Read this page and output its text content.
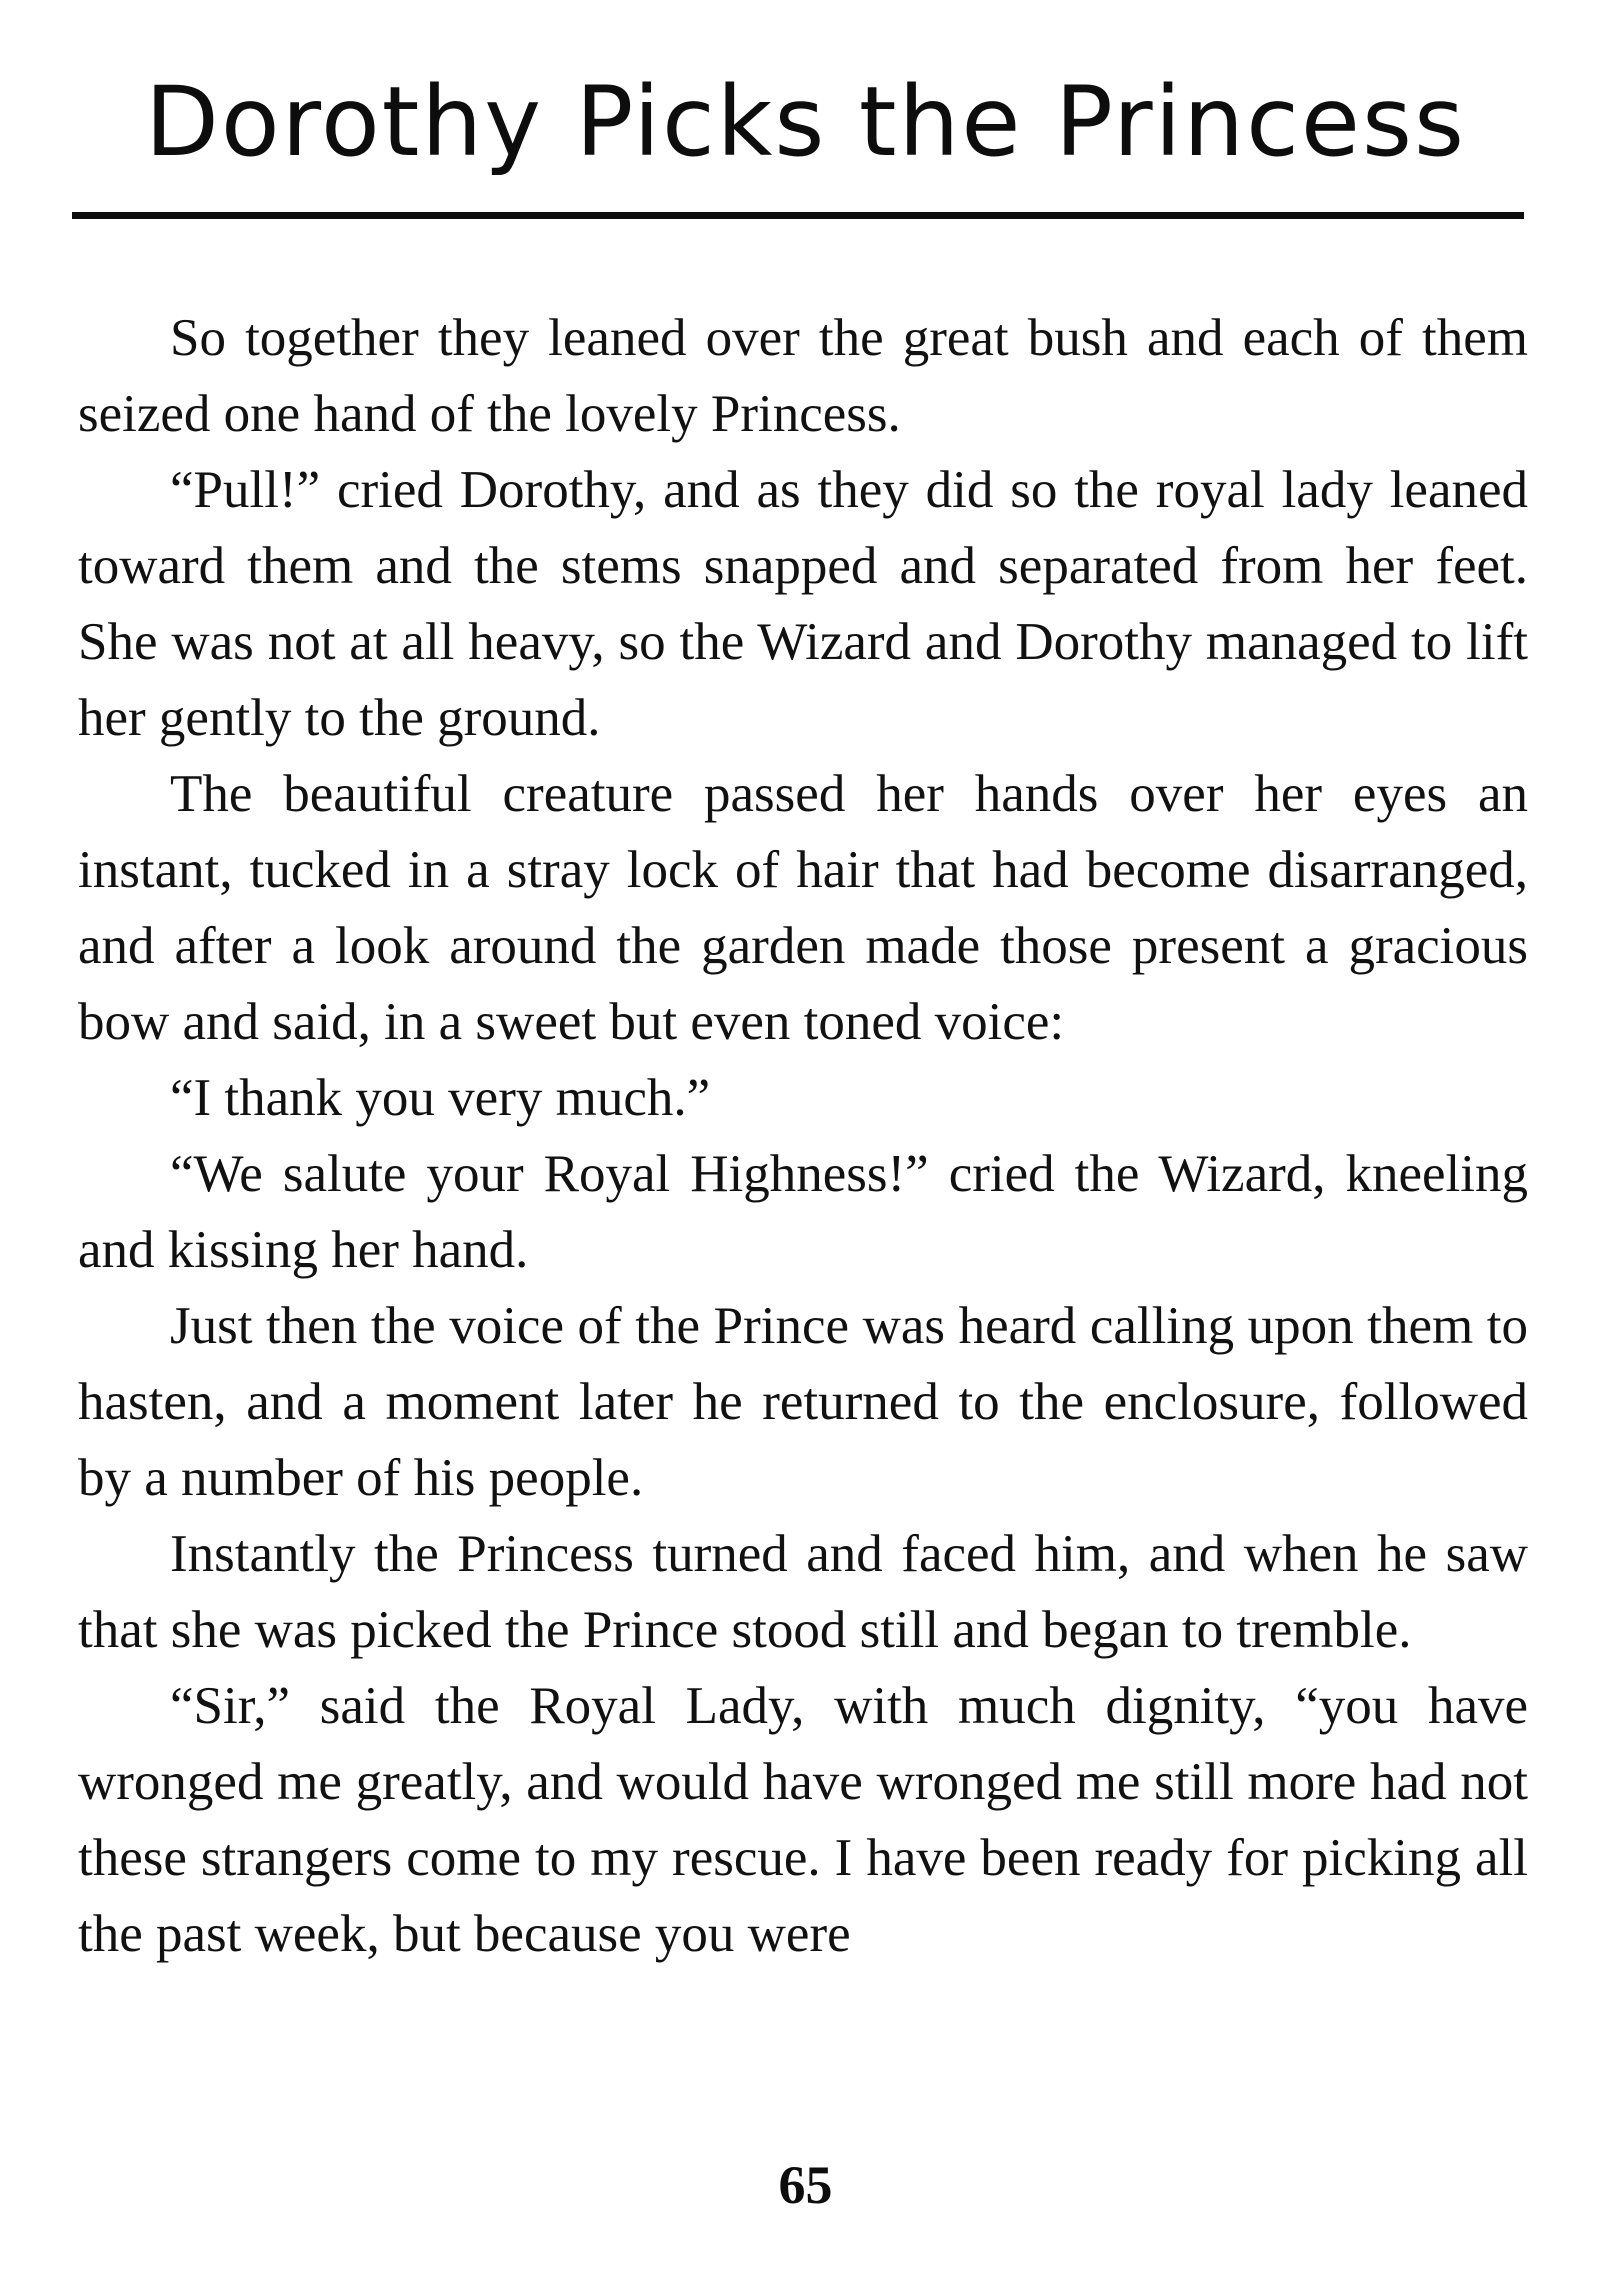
Dorothy Picks the Princess

So together they leaned over the great bush and each of them seized one hand of the lovely Princess.

“Pull!” cried Dorothy, and as they did so the royal lady leaned toward them and the stems snapped and separated from her feet. She was not at all heavy, so the Wizard and Dorothy managed to lift her gently to the ground.

The beautiful creature passed her hands over her eyes an instant, tucked in a stray lock of hair that had become disarranged, and after a look around the garden made those present a gracious bow and said, in a sweet but even toned voice:

“I thank you very much.”

“We salute your Royal Highness!” cried the Wizard, kneeling and kissing her hand.

Just then the voice of the Prince was heard calling upon them to hasten, and a moment later he returned to the enclosure, followed by a number of his people.

Instantly the Princess turned and faced him, and when he saw that she was picked the Prince stood still and began to tremble.

“Sir,” said the Royal Lady, with much dignity, “you have wronged me greatly, and would have wronged me still more had not these strangers come to my rescue. I have been ready for picking all the past week, but because you were

65
